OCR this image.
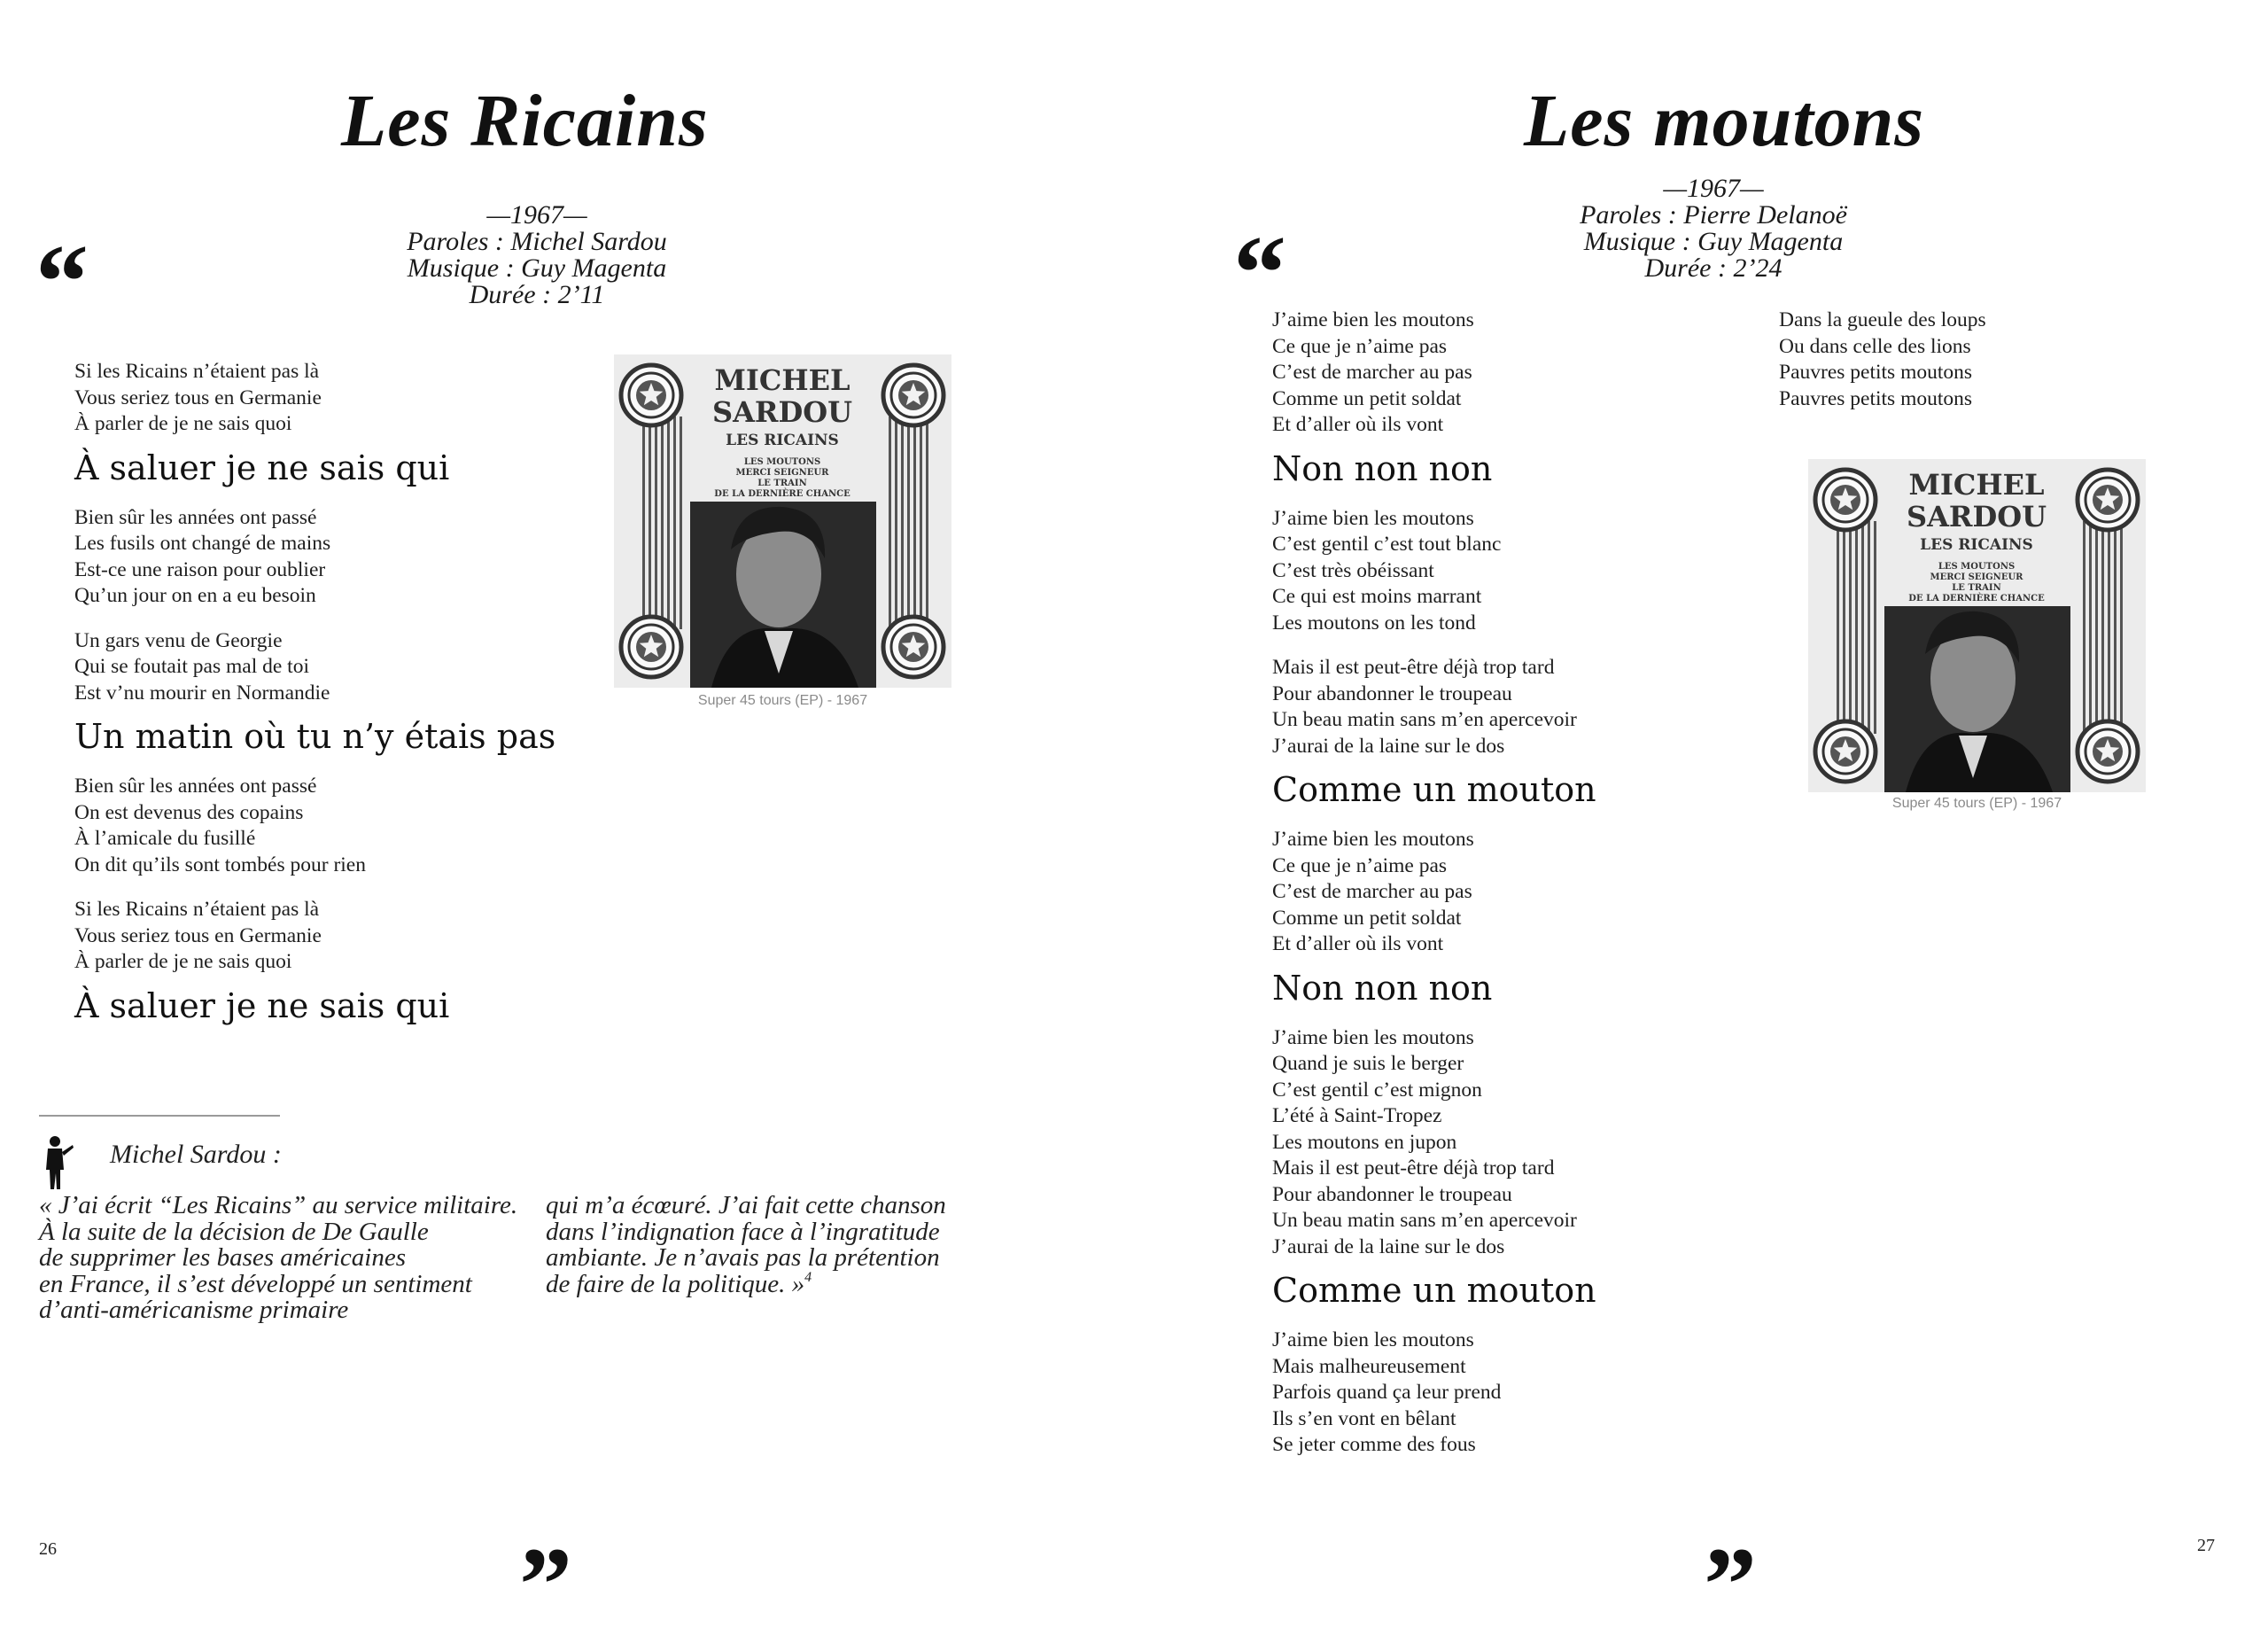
Les Ricains
“
—1967—
Paroles : Michel Sardou
Musique : Guy Magenta
Durée : 2’11
Si les Ricains n’étaient pas là
Vous seriez tous en Germanie
À parler de je ne sais quoi
À saluer je ne sais qui
Bien sûr les années ont passé
Les fusils ont changé de mains
Est-ce une raison pour oublier
Qu’un jour on en a eu besoin
Un gars venu de Georgie
Qui se foutait pas mal de toi
Est v’nu mourir en Normandie
Un matin où tu n’y étais pas
Bien sûr les années ont passé
On est devenus des copains
À l’amicale du fusillé
On dit qu’ils sont tombés pour rien
Si les Ricains n’étaient pas là
Vous seriez tous en Germanie
À parler de je ne sais quoi
À saluer je ne sais qui
MICHEL
SARDOU
LES RICAINS
LES MOUTONS
MERCI SEIGNEUR
LE TRAIN
DE LA DERNIÈRE CHANCE
Super 45 tours (EP) - 1967
Michel Sardou :
« J’ai écrit “Les Ricains” au service militaire.
À la suite de la décision de De Gaulle
de supprimer les bases américaines
en France, il s’est développé un sentiment
d’anti-américanisme primaire
qui m’a écœuré. J’ai fait cette chanson
dans l’indignation face à l’ingratitude
ambiante. Je n’avais pas la prétention
de faire de la politique. »$^4$
26	”
Les moutons
—1967—
Paroles : Pierre Delanoë
Musique : Guy Magenta
Durée : 2’24
“
J’aime bien les moutons
Ce que je n’aime pas
C’est de marcher au pas
Comme un petit soldat
Et d’aller où ils vont
Non non non
J’aime bien les moutons
C’est gentil c’est tout blanc
C’est très obéissant
Ce qui est moins marrant
Les moutons on les tond
Mais il est peut-être déjà trop tard
Pour abandonner le troupeau
Un beau matin sans m’en apercevoir
J’aurai de la laine sur le dos
Comme un mouton
J’aime bien les moutons
Ce que je n’aime pas
C’est de marcher au pas
Comme un petit soldat
Et d’aller où ils vont
Non non non
J’aime bien les moutons
Quand je suis le berger
C’est gentil c’est mignon
L’été à Saint-Tropez
Les moutons en jupon
Mais il est peut-être déjà trop tard
Pour abandonner le troupeau
Un beau matin sans m’en apercevoir
J’aurai de la laine sur le dos
Comme un mouton
J’aime bien les moutons
Mais malheureusement
Parfois quand ça leur prend
Ils s’en vont en bêlant
Se jeter comme des fous
Dans la gueule des loups
Ou dans celle des lions
Pauvres petits moutons
Pauvres petits moutons
MICHEL
SARDOU
LES RICAINS
LES MOUTONS
MERCI SEIGNEUR
LE TRAIN
DE LA DERNIÈRE CHANCE
Super 45 tours (EP) - 1967
”	27
